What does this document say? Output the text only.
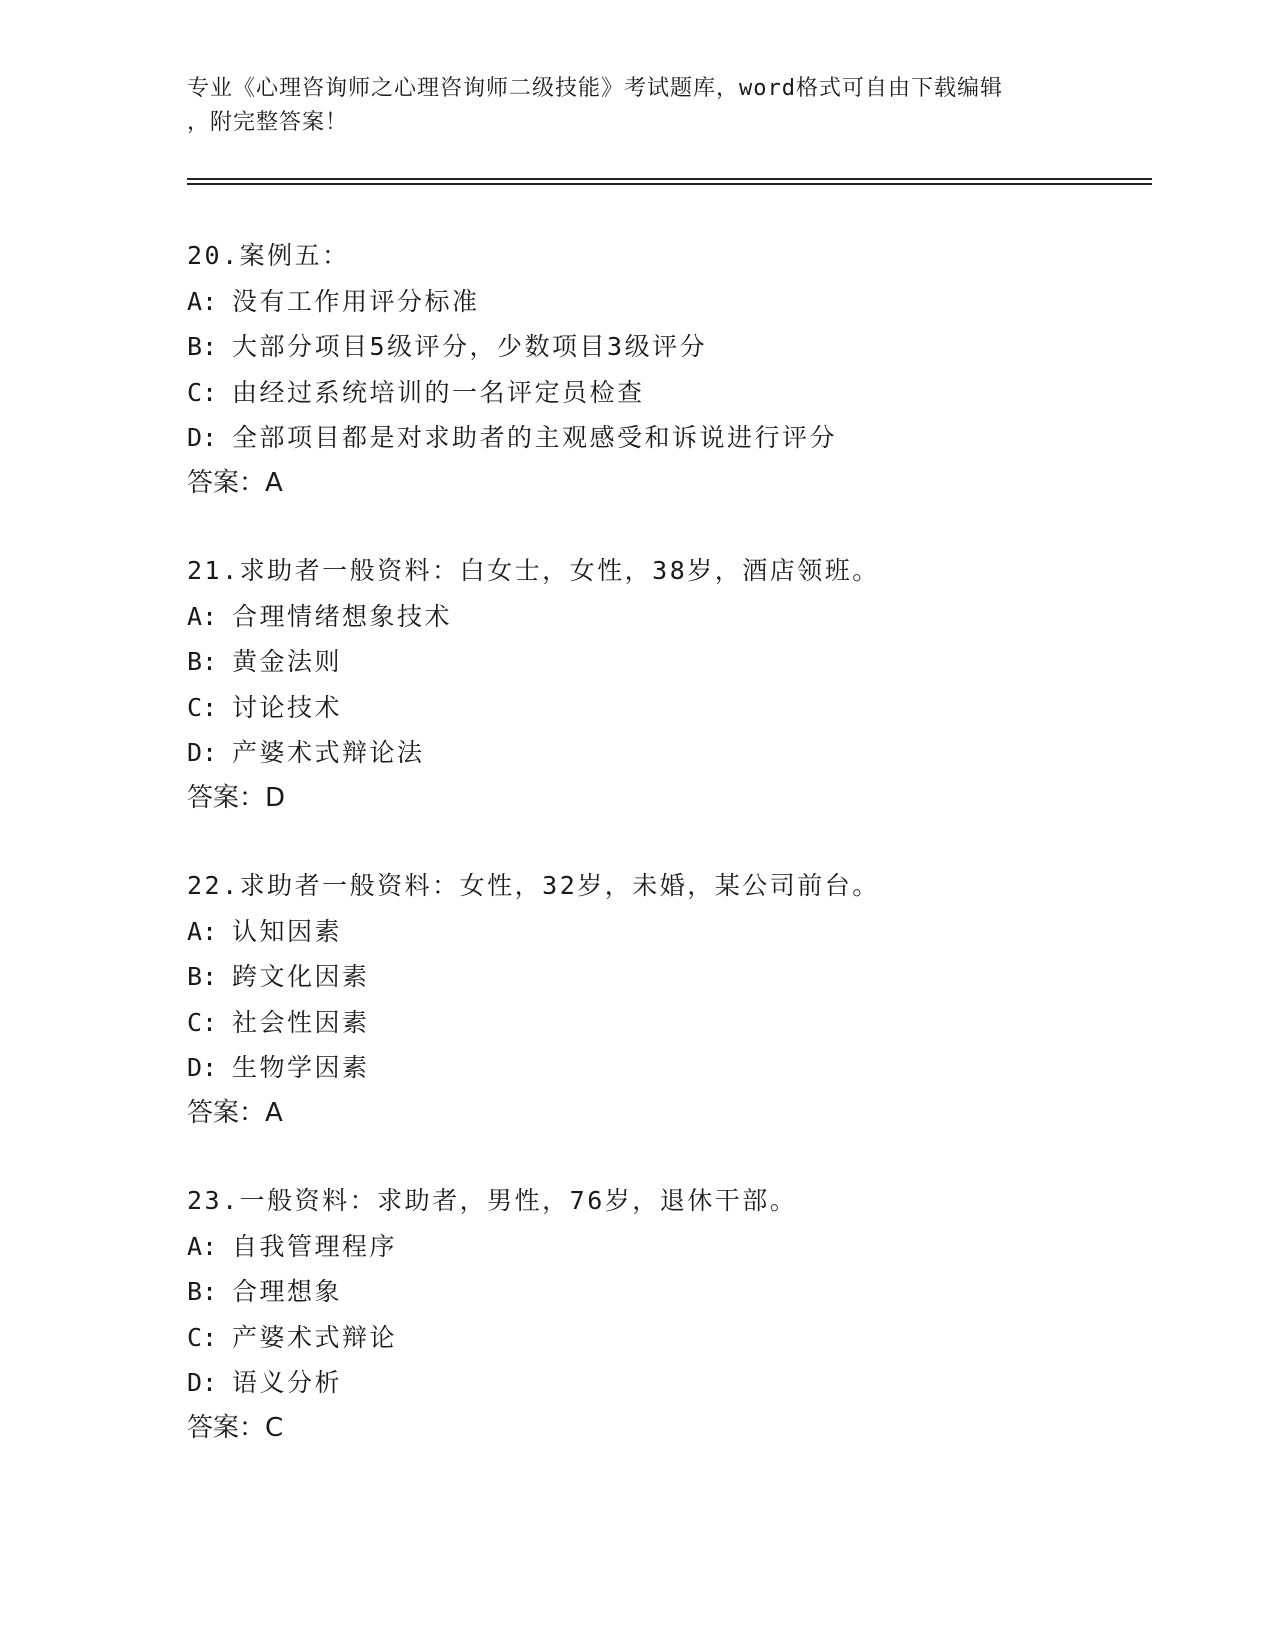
专业《心理咨询师之心理咨询师二级技能》考试题库，word格式可自由下载编辑
，附完整答案！
20.案例五：
A: 没有工作用评分标准
B: 大部分项目5级评分，少数项目3级评分
C: 由经过系统培训的一名评定员检查
D: 全部项目都是对求助者的主观感受和诉说进行评分
答案：A
21.求助者一般资料：白女士，女性，38岁，酒店领班。
A: 合理情绪想象技术
B: 黄金法则
C: 讨论技术
D: 产婆术式辩论法
答案：D
22.求助者一般资料：女性，32岁，未婚，某公司前台。
A: 认知因素
B: 跨文化因素
C: 社会性因素
D: 生物学因素
答案：A
23.一般资料：求助者，男性，76岁，退休干部。
A: 自我管理程序
B: 合理想象
C: 产婆术式辩论
D: 语义分析
答案：C
